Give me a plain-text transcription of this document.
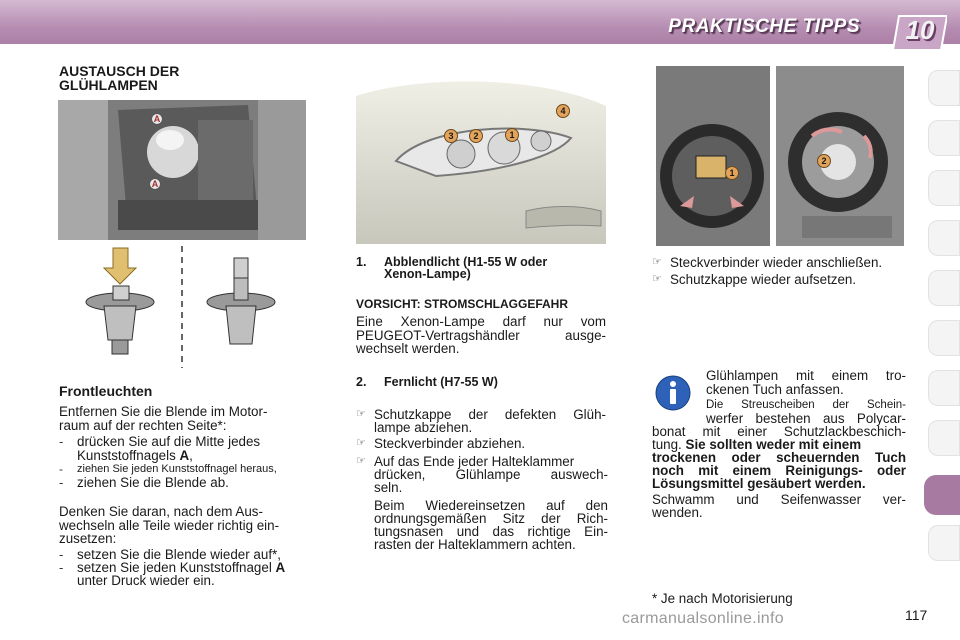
PRAKTISCHE TIPPS	10
AUSTAUSCH DER
GLÜHLAMPEN
A
A
Frontleuchten
Entfernen Sie die Blende im Motor-
raum auf der rechten Seite*:
- drücken Sie auf die Mitte jedes
Kunststoffnagels A,
- ziehen Sie jeden Kunststoffnagel heraus,
- ziehen Sie die Blende ab.
Denken Sie daran, nach dem Aus-
wechseln alle Teile wieder richtig ein-
zusetzen:
- setzen Sie die Blende wieder auf*,
- setzen Sie jeden Kunststoffnagel A
unter Druck wieder ein.
3	2	1
4
1. Abblendlicht (H1-55 W oder
Xenon-Lampe)
VORSICHT: STROMSCHLAGGEFAHR
Eine Xenon-Lampe darf nur vom
PEUGEOT-Vertragshändler ausge-
wechselt werden.
2. Fernlicht (H7-55 W)
☞ Schutzkappe der defekten Glüh-
lampe abziehen.
☞ Steckverbinder abziehen.
☞ Auf das Ende jeder Halteklammer
drücken, Glühlampe auswech-
seln.
Beim Wiedereinsetzen auf den
ordnungsgemäßen Sitz der Rich-
tungsnasen und das richtige Ein-
rasten der Halteklammern achten.
1
2
☞ Steckverbinder wieder anschließen.
☞ Schutzkappe wieder aufsetzen.
Glühlampen mit einem tro-
ckenen Tuch anfassen.
Die Streuscheiben der Schein-
werfer bestehen aus Polycar-
bonat mit einer Schutzlackbeschich-
tung. Sie sollten weder mit einem
trockenen oder scheuernden Tuch
noch mit einem Reinigungs- oder
Lösungsmittel gesäubert werden.
Schwamm und Seifenwasser ver-
wenden.
* Je nach Motorisierung
carmanualsonline.info	117
